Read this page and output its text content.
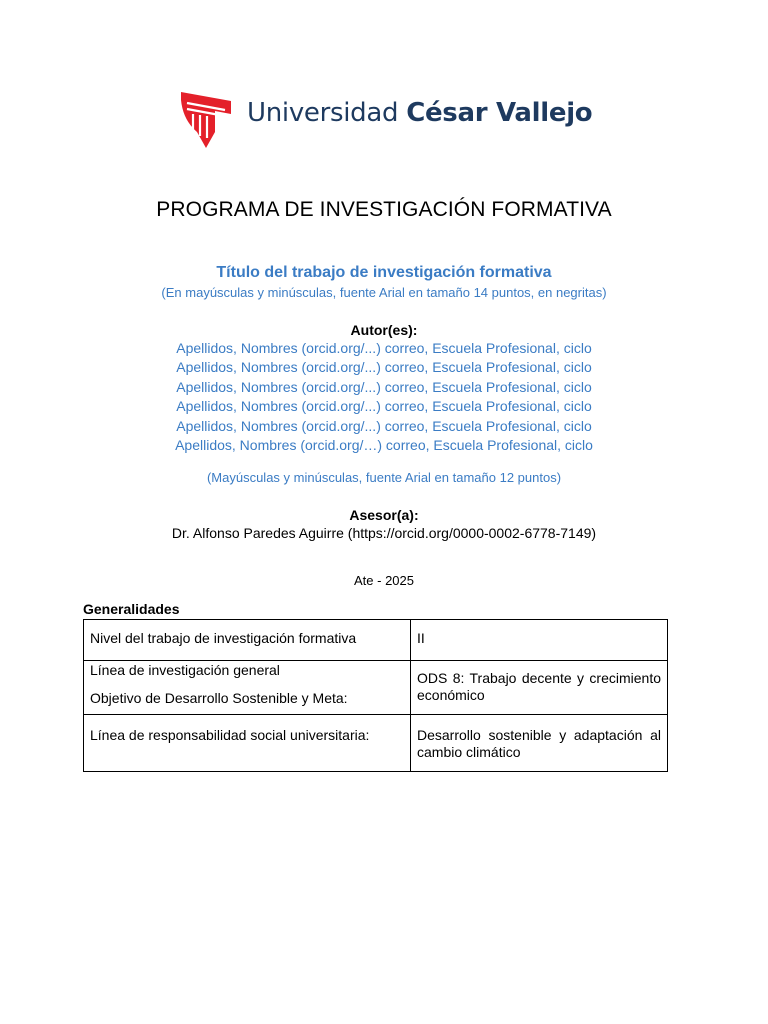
Universidad César Vallejo
PROGRAMA DE INVESTIGACIÓN FORMATIVA
Título del trabajo de investigación formativa
(En mayúsculas y minúsculas, fuente Arial en tamaño 14 puntos, en negritas)
Autor(es):
Apellidos, Nombres (orcid.org/...) correo, Escuela Profesional, ciclo
Apellidos, Nombres (orcid.org/...) correo, Escuela Profesional, ciclo
Apellidos, Nombres (orcid.org/...) correo, Escuela Profesional, ciclo
Apellidos, Nombres (orcid.org/...) correo, Escuela Profesional, ciclo
Apellidos, Nombres (orcid.org/...) correo, Escuela Profesional, ciclo
Apellidos, Nombres (orcid.org/…) correo, Escuela Profesional, ciclo
(Mayúsculas y minúsculas, fuente Arial en tamaño 12 puntos)
Asesor(a):
Dr. Alfonso Paredes Aguirre (https://orcid.org/0000-0002-6778-7149)
Ate - 2025
Generalidades
Nivel del trabajo de investigación formativa	II
Línea de investigación general
Objetivo de Desarrollo Sostenible y Meta:	ODS 8: Trabajo decente y crecimiento económico
Línea de responsabilidad social universitaria:	Desarrollo sostenible y adaptación al cambio climático
